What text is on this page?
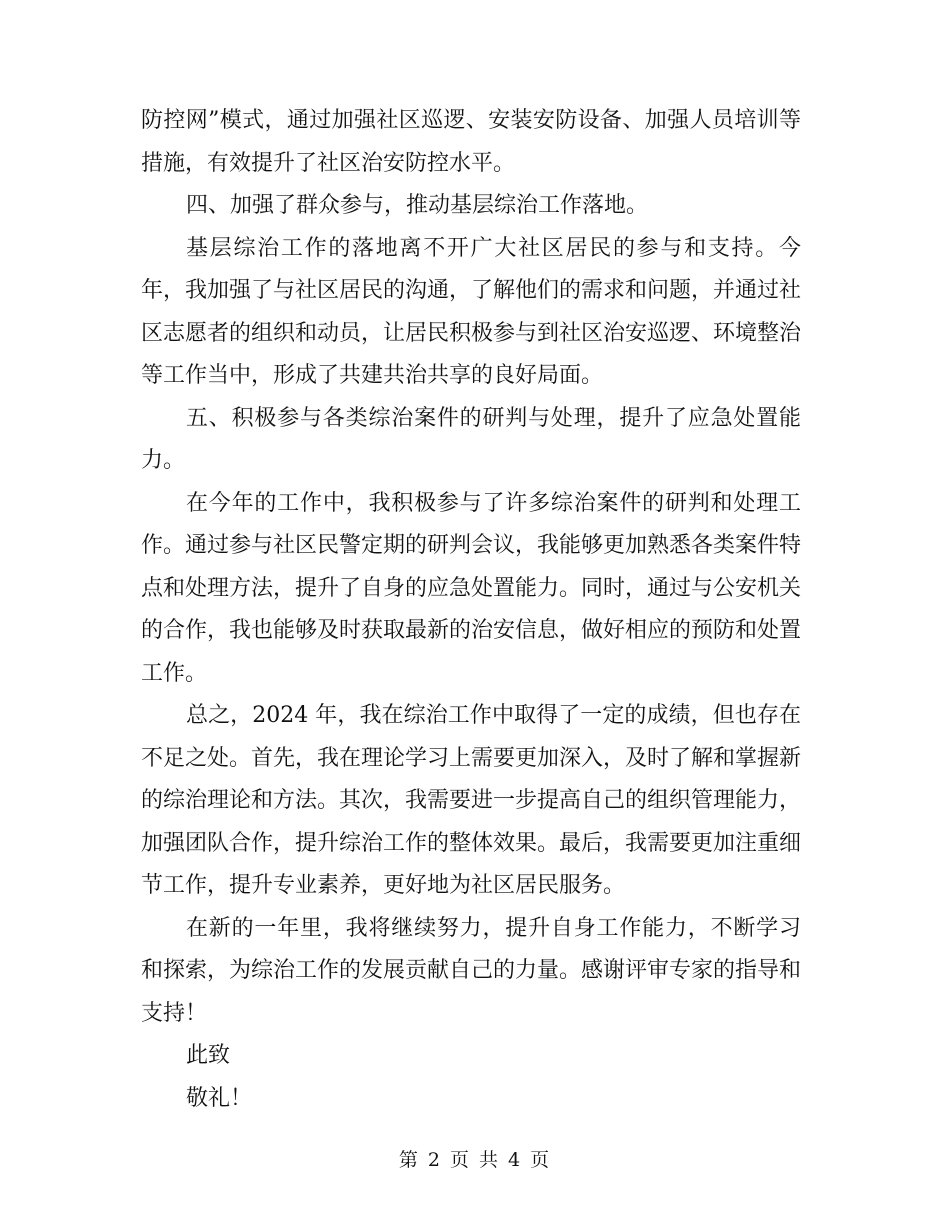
防控网”模式，通过加强社区巡逻、安装安防设备、加强人员培训等措施，有效提升了社区治安防控水平。

四、加强了群众参与，推动基层综治工作落地。

基层综治工作的落地离不开广大社区居民的参与和支持。今年，我加强了与社区居民的沟通，了解他们的需求和问题，并通过社区志愿者的组织和动员，让居民积极参与到社区治安巡逻、环境整治等工作当中，形成了共建共治共享的良好局面。

五、积极参与各类综治案件的研判与处理，提升了应急处置能力。

在今年的工作中，我积极参与了许多综治案件的研判和处理工作。通过参与社区民警定期的研判会议，我能够更加熟悉各类案件特点和处理方法，提升了自身的应急处置能力。同时，通过与公安机关的合作，我也能够及时获取最新的治安信息，做好相应的预防和处置工作。

总之，2024 年，我在综治工作中取得了一定的成绩，但也存在不足之处。首先，我在理论学习上需要更加深入，及时了解和掌握新的综治理论和方法。其次，我需要进一步提高自己的组织管理能力，加强团队合作，提升综治工作的整体效果。最后，我需要更加注重细节工作，提升专业素养，更好地为社区居民服务。

在新的一年里，我将继续努力，提升自身工作能力，不断学习和探索，为综治工作的发展贡献自己的力量。感谢评审专家的指导和支持！

此致

敬礼！

第 2 页 共 4 页
